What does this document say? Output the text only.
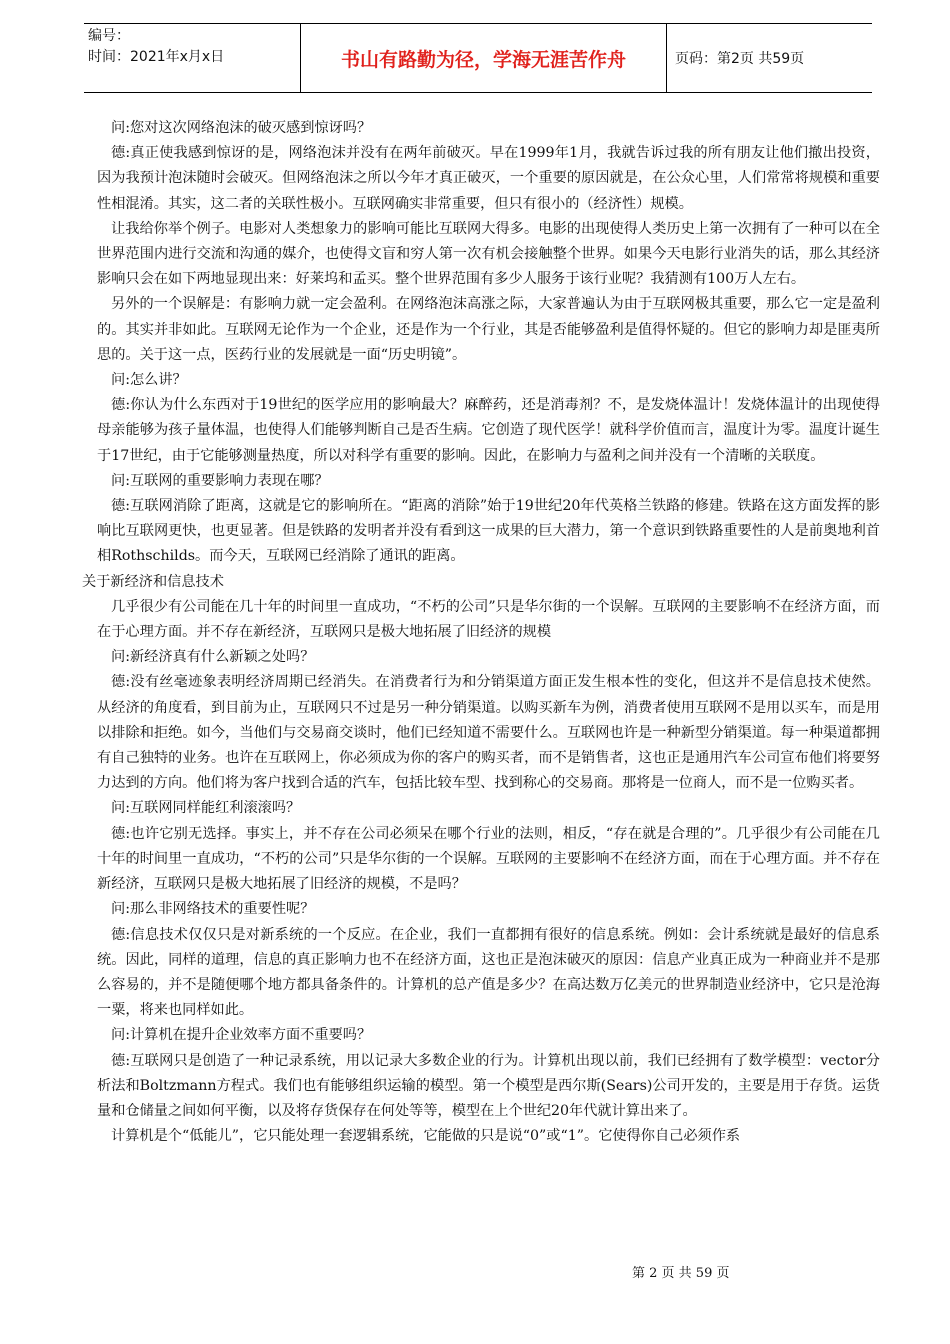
编号：
时间：2021年x月x日	书山有路勤为径，学海无涯苦作舟	页码：第2页 共59页

问:您对这次网络泡沫的破灭感到惊讶吗？

德:真正使我感到惊讶的是，网络泡沫并没有在两年前破灭。早在1999年1月，我就告诉过我的所有朋友让他们撤出投资，因为我预计泡沫随时会破灭。但网络泡沫之所以今年才真正破灭，一个重要的原因就是，在公众心里，人们常常将规模和重要性相混淆。其实，这二者的关联性极小。互联网确实非常重要，但只有很小的（经济性）规模。

让我给你举个例子。电影对人类想象力的影响可能比互联网大得多。电影的出现使得人类历史上第一次拥有了一种可以在全世界范围内进行交流和沟通的媒介，也使得文盲和穷人第一次有机会接触整个世界。如果今天电影行业消失的话，那么其经济影响只会在如下两地显现出来：好莱坞和孟买。整个世界范围有多少人服务于该行业呢？我猜测有100万人左右。

另外的一个误解是：有影响力就一定会盈利。在网络泡沫高涨之际，大家普遍认为由于互联网极其重要，那么它一定是盈利的。其实并非如此。互联网无论作为一个企业，还是作为一个行业，其是否能够盈利是值得怀疑的。但它的影响力却是匪夷所思的。关于这一点，医药行业的发展就是一面“历史明镜”。

问:怎么讲？

德:你认为什么东西对于19世纪的医学应用的影响最大？麻醉药，还是消毒剂？不，是发烧体温计！发烧体温计的出现使得母亲能够为孩子量体温，也使得人们能够判断自己是否生病。它创造了现代医学！就科学价值而言，温度计为零。温度计诞生于17世纪，由于它能够测量热度，所以对科学有重要的影响。因此，在影响力与盈利之间并没有一个清晰的关联度。

问:互联网的重要影响力表现在哪？

德:互联网消除了距离，这就是它的影响所在。“距离的消除”始于19世纪20年代英格兰铁路的修建。铁路在这方面发挥的影响比互联网更快，也更显著。但是铁路的发明者并没有看到这一成果的巨大潜力，第一个意识到铁路重要性的人是前奥地利首相Rothschilds。而今天，互联网已经消除了通讯的距离。

关于新经济和信息技术

几乎很少有公司能在几十年的时间里一直成功，“不朽的公司”只是华尔街的一个误解。互联网的主要影响不在经济方面，而在于心理方面。并不存在新经济，互联网只是极大地拓展了旧经济的规模

问:新经济真有什么新颖之处吗？

德:没有丝毫迹象表明经济周期已经消失。在消费者行为和分销渠道方面正发生根本性的变化，但这并不是信息技术使然。从经济的角度看，到目前为止，互联网只不过是另一种分销渠道。以购买新车为例，消费者使用互联网不是用以买车，而是用以排除和拒绝。如今，当他们与交易商交谈时，他们已经知道不需要什么。互联网也许是一种新型分销渠道。每一种渠道都拥有自己独特的业务。也许在互联网上，你必须成为你的客户的购买者，而不是销售者，这也正是通用汽车公司宣布他们将要努力达到的方向。他们将为客户找到合适的汽车，包括比较车型、找到称心的交易商。那将是一位商人，而不是一位购买者。

问:互联网同样能红利滚滚吗？

德:也许它别无选择。事实上，并不存在公司必须呆在哪个行业的法则，相反，“存在就是合理的”。几乎很少有公司能在几十年的时间里一直成功，“不朽的公司”只是华尔街的一个误解。互联网的主要影响不在经济方面，而在于心理方面。并不存在新经济，互联网只是极大地拓展了旧经济的规模，不是吗？

问:那么非网络技术的重要性呢？

德:信息技术仅仅只是对新系统的一个反应。在企业，我们一直都拥有很好的信息系统。例如：会计系统就是最好的信息系统。因此，同样的道理，信息的真正影响力也不在经济方面，这也正是泡沫破灭的原因：信息产业真正成为一种商业并不是那么容易的，并不是随便哪个地方都具备条件的。计算机的总产值是多少？在高达数万亿美元的世界制造业经济中，它只是沧海一粟，将来也同样如此。

问:计算机在提升企业效率方面不重要吗？

德:互联网只是创造了一种记录系统，用以记录大多数企业的行为。计算机出现以前，我们已经拥有了数学模型：vector分析法和Boltzmann方程式。我们也有能够组织运输的模型。第一个模型是西尔斯(Sears)公司开发的，主要是用于存货。运货量和仓储量之间如何平衡，以及将存货保存在何处等等，模型在上个世纪20年代就计算出来了。

计算机是个“低能儿”，它只能处理一套逻辑系统，它能做的只是说“0”或“1”。它使得你自己必须作系

第 2 页 共 59 页
